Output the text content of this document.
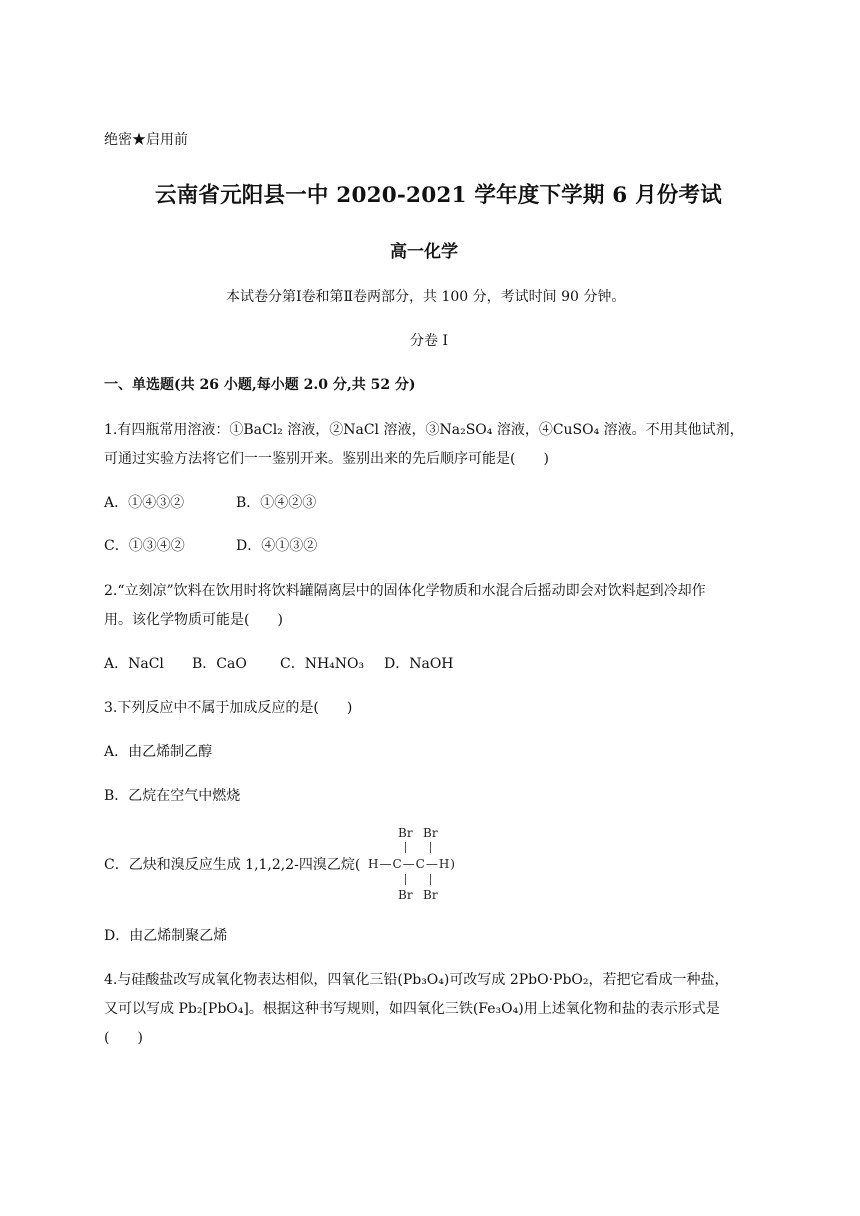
绝密★启用前
云南省元阳县一中 2020-2021 学年度下学期 6 月份考试
高一化学
本试卷分第Ⅰ卷和第Ⅱ卷两部分，共 100 分，考试时间 90 分钟。
分卷 I
一、单选题(共 26 小题,每小题 2.0 分,共 52 分)
1.有四瓶常用溶液：①BaCl₂ 溶液，②NaCl 溶液，③Na₂SO₄ 溶液，④CuSO₄ 溶液。不用其他试剂，
可通过实验方法将它们一一鉴别开来。鉴别出来的先后顺序可能是(　　)
A．①④③②	B．①④②③
C．①③④②	D．④①③②
2.“立刻凉”饮料在饮用时将饮料罐隔离层中的固体化学物质和水混合后摇动即会对饮料起到冷却作
用。该化学物质可能是(　　)
A．NaCl B．CaO C．NH₄NO₃ D．NaOH
3.下列反应中不属于加成反应的是(　　)
A．由乙烯制乙醇
B．乙烷在空气中燃烧
C．乙炔和溴反应生成 1,1,2,2-四溴乙烷(
Br Br
H—C—C—H)
Br Br
D．由乙烯制聚乙烯
4.与硅酸盐改写成氧化物表达相似，四氧化三铅(Pb₃O₄)可改写成 2PbO·PbO₂，若把它看成一种盐，
又可以写成 Pb₂[PbO₄]。根据这种书写规则，如四氧化三铁(Fe₃O₄)用上述氧化物和盐的表示形式是
(　　)
